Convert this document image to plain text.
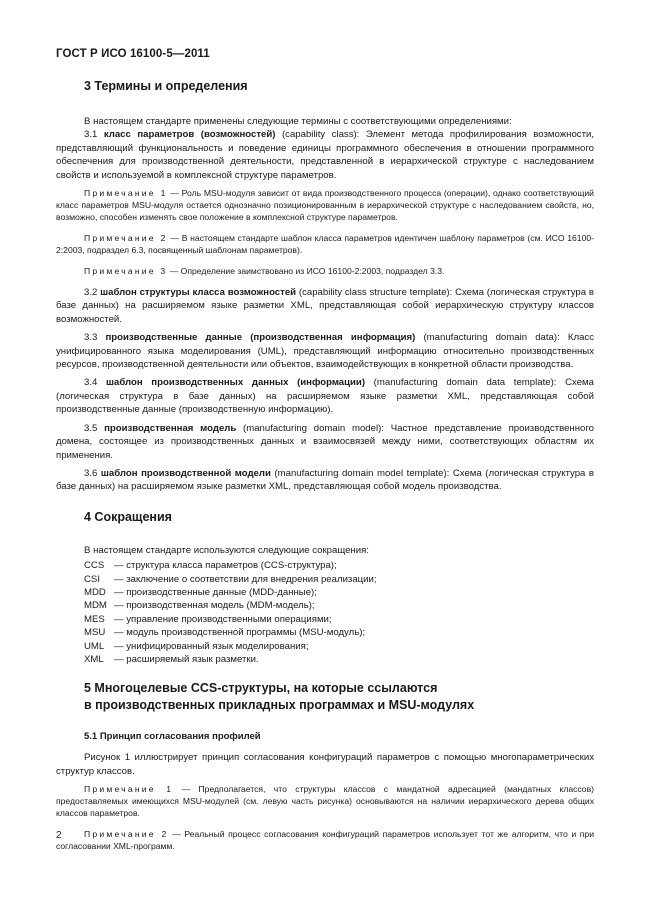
ГОСТ Р ИСО 16100-5—2011
3 Термины и определения

В настоящем стандарте применены следующие термины с соответствующими определениями:

3.1 класс параметров (возможностей) (capability class): Элемент метода профилирования возможности, представляющий функциональность и поведение единицы программного обеспечения в отношении программного обеспечения для производственной деятельности, представленной в иерархической структуре с наследованием свойств и используемой в комплексной структуре параметров.

Примечание 1 — Роль MSU-модуля зависит от вида производственного процесса (операции), однако соответствующий класс параметров MSU-модуля остается однозначно позиционированным в иерархической структуре с наследованием свойств, но, возможно, способен изменять свое положение в комплексной структуре параметров.

Примечание 2 — В настоящем стандарте шаблон класса параметров идентичен шаблону параметров (см. ИСО 16100-2:2003, подраздел 6.3, посвященный шаблонам параметров).

Примечание 3 — Определение заимствовано из ИСО 16100-2:2003, подраздел 3.3.

3.2 шаблон структуры класса возможностей (capability class structure template): Схема (логическая структура в базе данных) на расширяемом языке разметки XML, представляющая собой иерархическую структуру классов возможностей.

3.3 производственные данные (производственная информация) (manufacturing domain data): Класс унифицированного языка моделирования (UML), представляющий информацию относительно производственных ресурсов, производственной деятельности или объектов, взаимодействующих в конкретной области производства.

3.4 шаблон производственных данных (информации) (manufacturing domain data template): Схема (логическая структура в базе данных) на расширяемом языке разметки XML, представляющая собой производственные данные (производственную информацию).

3.5 производственная модель (manufacturing domain model): Частное представление производственного домена, состоящее из производственных данных и взаимосвязей между ними, соответствующих областям их применения.

3.6 шаблон производственной модели (manufacturing domain model template): Схема (логическая структура в базе данных) на расширяемом языке разметки XML, представляющая собой модель производства.

4 Сокращения

В настоящем стандарте используются следующие сокращения:

CCS	— структура класса параметров (CCS-структура);
CSI	— заключение о соответствии для внедрения реализации;
MDD — производственные данные (MDD-данные);
MDM — производственная модель (MDM-модель);
MES — управление производственными операциями;
MSU — модуль производственной программы (MSU-модуль);
UML	— унифицированный язык моделирования;
XML	— расширяемый язык разметки.
5 Многоцелевые CCS-структуры, на которые ссылаются
в производственных прикладных программах и MSU-модулях
5.1 Принцип согласования профилей

Рисунок 1 иллюстрирует принцип согласования конфигураций параметров с помощью многопараметрических структур классов.

Примечание 1 — Предполагается, что структуры классов с мандатной адресацией (мандатных классов) предоставляемых имеющихся MSU-модулей (см. левую часть рисунка) основываются на наличии иерархического дерева общих классов параметров.

Примечание 2 — Реальный процесс согласования конфигураций параметров использует тот же алгоритм, что и при согласовании XML-программ.

2
